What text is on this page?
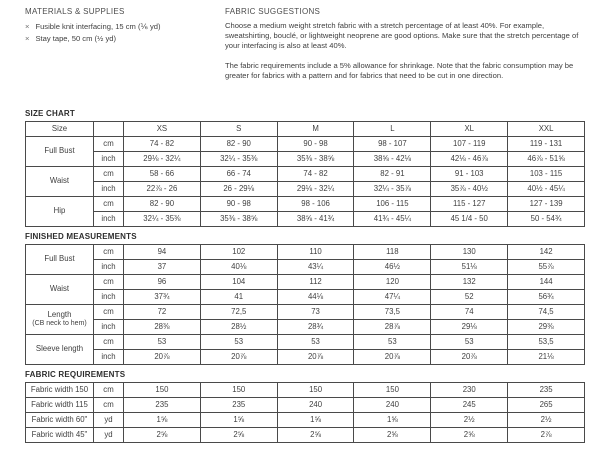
MATERIALS & SUPPLIES
× Fusible knit interfacing, 15 cm (⅙ yd)
× Stay tape, 50 cm (½ yd)
FABRIC SUGGESTIONS

Choose a medium weight stretch fabric with a stretch percentage of at least 40%. For example, sweatshirting, bouclé, or lightweight neoprene are good options. Make sure that the stretch percentage of your interfacing is also at least 40%.

The fabric requirements include a 5% allowance for shrinkage. Note that the fabric consumption may be greater for fabrics with a pattern and for fabrics that need to be cut in one direction.

SIZE CHART
Size		XS	S	M	L	XL	XXL

Full Bust	cm	74 - 82	82 - 90	90 - 98	98 - 107	107 - 119	119 - 131
	inch	29⅛ - 32¼	32¼ - 35⅜	35⅜ - 38⅝	38⅝ - 42⅛	42⅛ - 46⅞	46⅞ - 51⅝

Waist	cm	58 - 66	66 - 74	74 - 82	82 - 91	91 - 103	103 - 115
	inch	22⅞ - 26	26 - 29⅛	29⅛ - 32¼	32¼ - 35⅞	35⅞ - 40½	40½ - 45¼

Hip	cm	82 - 90	90 - 98	98 - 106	106 - 115	115 - 127	127 - 139
	inch	32¼ - 35⅜	35⅜ - 38⅝	38⅝ - 41¾	41¾ - 45¼	45 1/4 - 50	50 - 54¾
FINISHED MEASUREMENTS
Full Bust	cm	94	102	110	118	130	142
	inch	37	40⅛	43¼	46½	51⅛	55⅞

Waist	cm	96	104	112	120	132	144
	inch	37¾	41	44⅛	47¼	52	56¾

Length
(CB neck to hem)	cm	72	72,5	73	73,5	74	74,5
	inch	28⅜	28½	28¾	28⅞	29⅛	29⅜

Sleeve length	cm	53	53	53	53	53	53,5
	inch	20⅞	20⅞	20⅞	20⅞	20⅞	21⅛
FABRIC REQUIREMENTS
Fabric width 150	cm	150	150	150	150	230	235

Fabric width 115	cm	235	235	240	240	245	265

Fabric width 60"	yd	1⅝	1⅝	1⅝	1⅝	2½	2½

Fabric width 45"	yd	2⅝	2⅝	2⅝	2⅝	2⅝	2⅞
